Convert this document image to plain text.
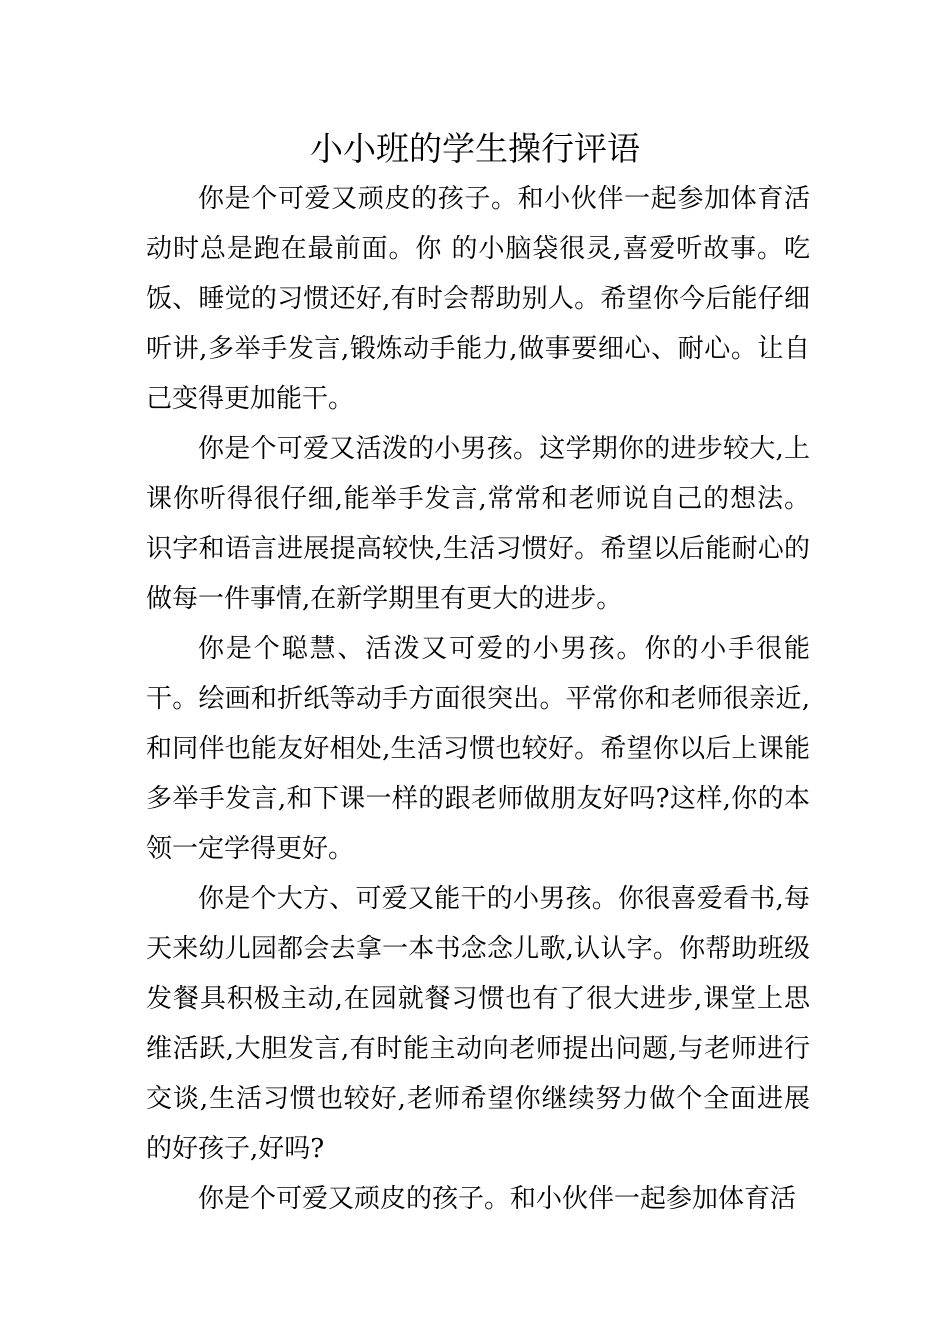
小小班的学生操行评语

你是个可爱又顽皮的孩子。和小伙伴一起参加体育活动时总是跑在最前面。你 的小脑袋很灵,喜爱听故事。吃饭、睡觉的习惯还好,有时会帮助别人。希望你今后能仔细听讲,多举手发言,锻炼动手能力,做事要细心、耐心。让自己变得更加能干。

你是个可爱又活泼的小男孩。这学期你的进步较大,上课你听得很仔细,能举手发言,常常和老师说自己的想法。识字和语言进展提高较快,生活习惯好。希望以后能耐心的做每一件事情,在新学期里有更大的进步。

你是个聪慧、活泼又可爱的小男孩。你的小手很能干。绘画和折纸等动手方面很突出。平常你和老师很亲近,和同伴也能友好相处,生活习惯也较好。希望你以后上课能多举手发言,和下课一样的跟老师做朋友好吗?这样,你的本领一定学得更好。

你是个大方、可爱又能干的小男孩。你很喜爱看书,每天来幼儿园都会去拿一本书念念儿歌,认认字。你帮助班级发餐具积极主动,在园就餐习惯也有了很大进步,课堂上思维活跃,大胆发言,有时能主动向老师提出问题,与老师进行交谈,生活习惯也较好,老师希望你继续努力做个全面进展的好孩子,好吗?

你是个可爱又顽皮的孩子。和小伙伴一起参加体育活
